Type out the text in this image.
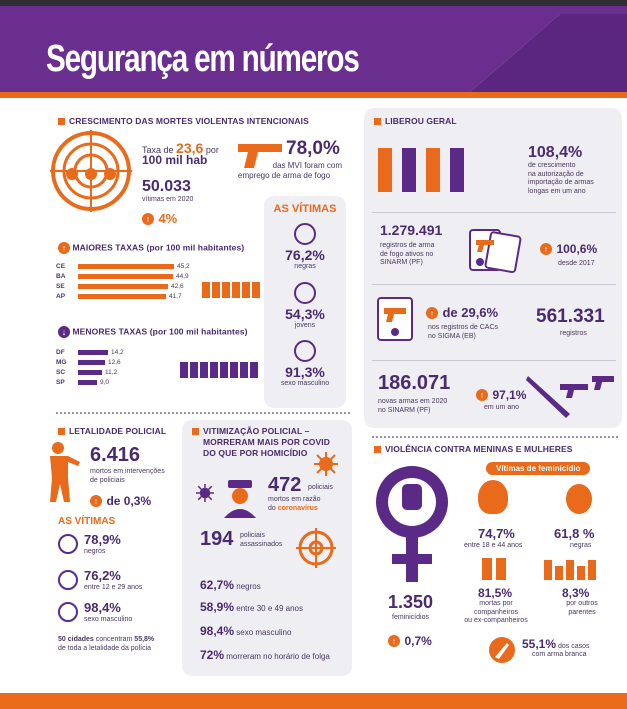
Segurança em números
CRESCIMENTO DAS MORTES VIOLENTAS INTENCIONAIS
Taxa de 23,6 por
100 mil hab
50.033
vítimas em 2020
↑ 4%
78,0%
das MVI foram com
emprego de arma de fogo
↑ MAIORES TAXAS (por 100 mil habitantes)
CE	45,2
BA	44,9
SE	42,6
AP	41,7
↓ MENORES TAXAS (por 100 mil habitantes)
DF	14,2
MG	12,6
SC	11,2
SP	9,0
AS VÍTIMAS
76,2%
negras
54,3%
jovens
91,3%
sexo masculino
LIBEROU GERAL
108,4%
de crescimento
na autorização de
importação de armas
longas em um ano
1.279.491
registros de arma
de fogo ativos no
SINARM (PF)
↑ 100,6%
desde 2017
↑ de 29,6%
nos registros de CACs
no SIGMA (EB)
561.331
registros
186.071
novas armas em 2020
no SINARM (PF)
↑ 97,1%
em um ano
LETALIDADE POLICIAL
6.416
mortos em intervenções
de policiais
↑ de 0,3%
AS VÍTIMAS
78,9%
negros
76,2%
entre 12 e 29 anos
98,4%
sexo masculino
50 cidades concentram 55,8%
de toda a letalidade da polícia
VITIMIZAÇÃO POLICIAL –
MORRERAM MAIS POR COVID
DO QUE POR HOMICÍDIO
472
mortos em razão
do coronavírus
policiais
194 policiais
assassinados
62,7% negros
58,9% entre 30 e 49 anos
98,4% sexo masculino
72% morreram no horário de folga
VIOLÊNCIA CONTRA MENINAS E MULHERES
Vítimas de feminicídio
74,7%
entre 18 e 44 anos
61,8 %
negras
81,5%
mortas por
companheiros
ou ex-companheiros
8,3%
por outros
parentes
1.350
feminicídios
↑ 0,7%	55,1% dos casos
com arma branca
